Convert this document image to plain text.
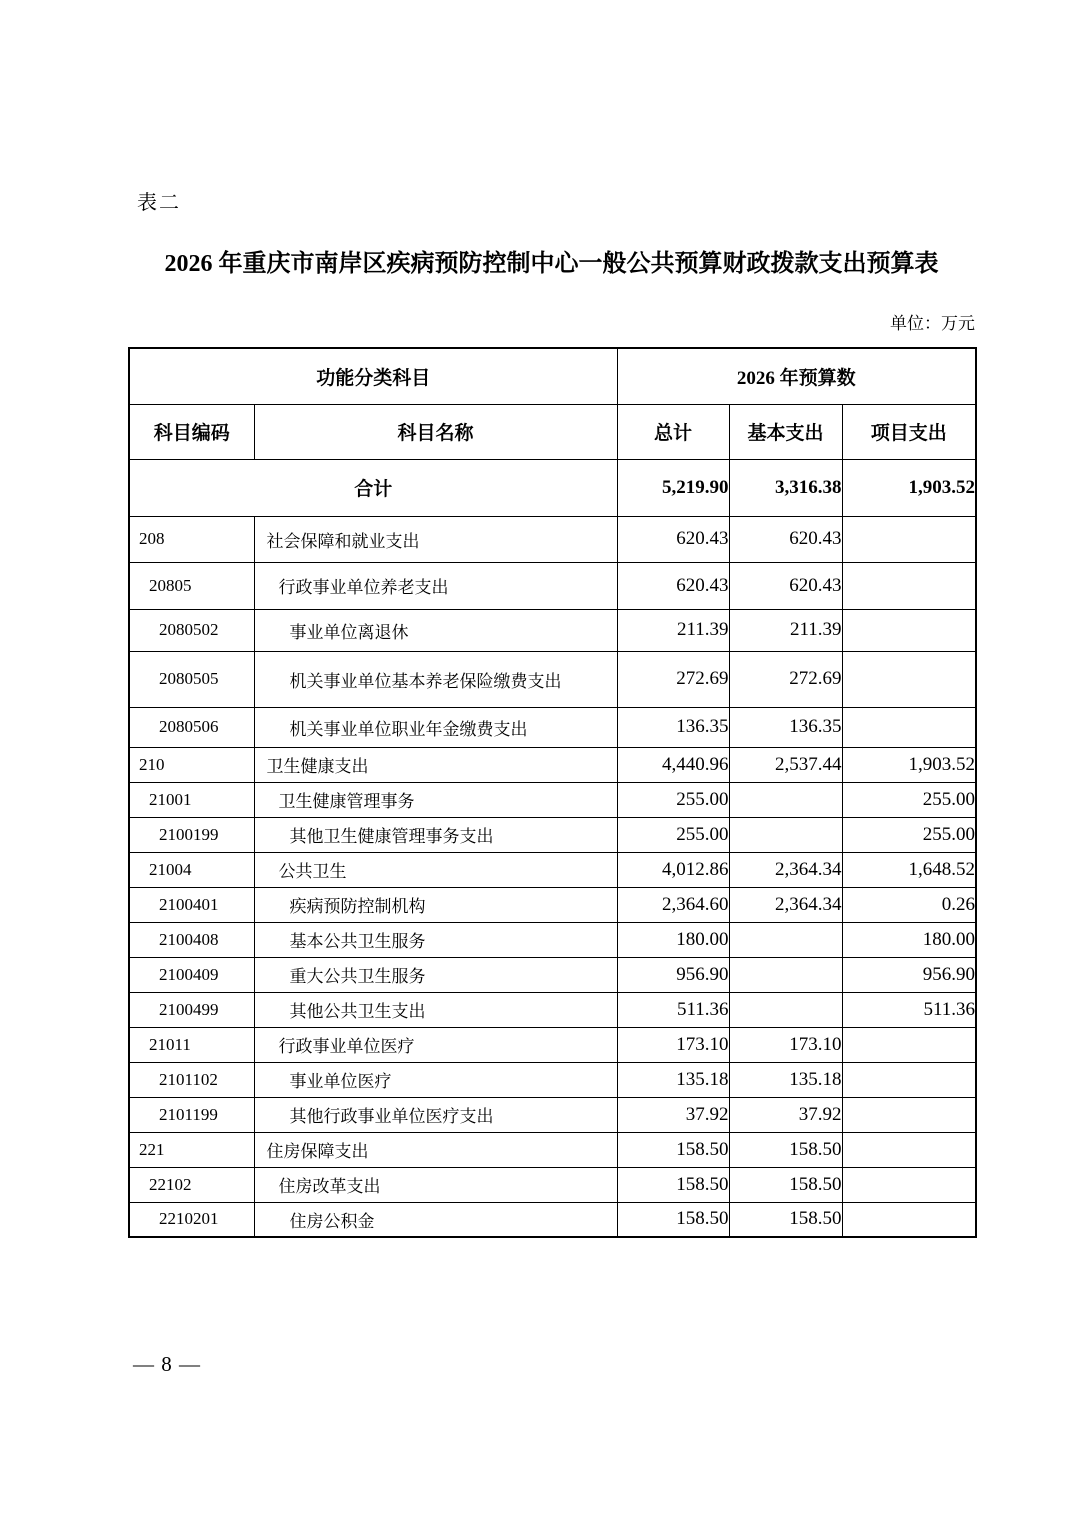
表二
2026 年重庆市南岸区疾病预防控制中心一般公共预算财政拨款支出预算表
单位：万元
功能分类科目		2026 年预算数		
科目编码	科目名称	总计	基本支出	项目支出
合计		5,219.90	3,316.38	1,903.52
208	社会保障和就业支出	620.43	620.43	
20805	行政事业单位养老支出	620.43	620.43	
2080502	事业单位离退休	211.39	211.39	
2080505	机关事业单位基本养老保险缴费支出	272.69	272.69	
2080506	机关事业单位职业年金缴费支出	136.35	136.35	
210	卫生健康支出	4,440.96	2,537.44	1,903.52
21001	卫生健康管理事务	255.00		255.00
2100199	其他卫生健康管理事务支出	255.00		255.00
21004	公共卫生	4,012.86	2,364.34	1,648.52
2100401	疾病预防控制机构	2,364.60	2,364.34	0.26
2100408	基本公共卫生服务	180.00		180.00
2100409	重大公共卫生服务	956.90		956.90
2100499	其他公共卫生支出	511.36		511.36
21011	行政事业单位医疗	173.10	173.10	
2101102	事业单位医疗	135.18	135.18	
2101199	其他行政事业单位医疗支出	37.92	37.92	
221	住房保障支出	158.50	158.50	
22102	住房改革支出	158.50	158.50	
2210201	住房公积金	158.50	158.50	
— 8 —
